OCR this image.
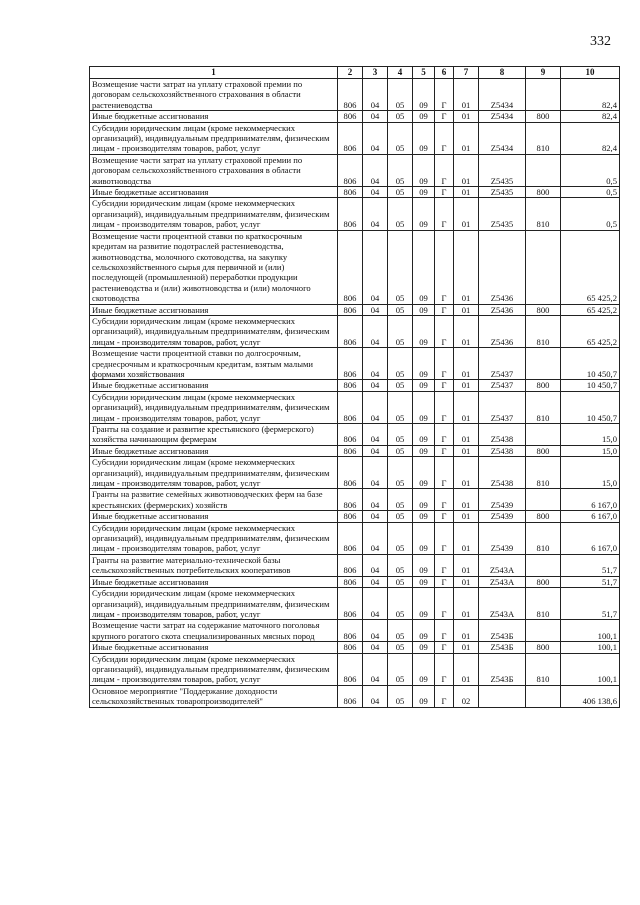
332
1	2	3	4	5	6	7	8	9	10
Возмещение части затрат на уплату страховой премии по договорам сельскохозяйственного страхования в области растениеводства	806	04	05	09	Г	01	Z5434		82,4
Иные бюджетные ассигнования	806	04	05	09	Г	01	Z5434	800	82,4
Субсидии юридическим лицам (кроме некоммерческих организаций), индивидуальным предпринимателям, физическим лицам - производителям товаров, работ, услуг	806	04	05	09	Г	01	Z5434	810	82,4
Возмещение части затрат на уплату страховой премии по договорам сельскохозяйственного страхования в области животноводства	806	04	05	09	Г	01	Z5435		0,5
Иные бюджетные ассигнования	806	04	05	09	Г	01	Z5435	800	0,5
Субсидии юридическим лицам (кроме некоммерческих организаций), индивидуальным предпринимателям, физическим лицам - производителям товаров, работ, услуг	806	04	05	09	Г	01	Z5435	810	0,5
Возмещение части процентной ставки по краткосрочным кредитам на развитие подотраслей растениеводства, животноводства, молочного скотоводства, на закупку сельскохозяйственного сырья для первичной и (или) последующей (промышленной) переработки продукции растениеводства и (или) животноводства и (или) молочного скотоводства	806	04	05	09	Г	01	Z5436		65 425,2
Иные бюджетные ассигнования	806	04	05	09	Г	01	Z5436	800	65 425,2
Субсидии юридическим лицам (кроме некоммерческих организаций), индивидуальным предпринимателям, физическим лицам - производителям товаров, работ, услуг	806	04	05	09	Г	01	Z5436	810	65 425,2
Возмещение части процентной ставки по долгосрочным, среднесрочным и краткосрочным кредитам, взятым малыми формами хозяйствования	806	04	05	09	Г	01	Z5437		10 450,7
Иные бюджетные ассигнования	806	04	05	09	Г	01	Z5437	800	10 450,7
Субсидии юридическим лицам (кроме некоммерческих организаций), индивидуальным предпринимателям, физическим лицам - производителям товаров, работ, услуг	806	04	05	09	Г	01	Z5437	810	10 450,7
Гранты на создание и развитие крестьянского (фермерского) хозяйства начинающим фермерам	806	04	05	09	Г	01	Z5438		15,0
Иные бюджетные ассигнования	806	04	05	09	Г	01	Z5438	800	15,0
Субсидии юридическим лицам (кроме некоммерческих организаций), индивидуальным предпринимателям, физическим лицам - производителям товаров, работ, услуг	806	04	05	09	Г	01	Z5438	810	15,0
Гранты на развитие семейных животноводческих ферм на базе крестьянских (фермерских) хозяйств	806	04	05	09	Г	01	Z5439		6 167,0
Иные бюджетные ассигнования	806	04	05	09	Г	01	Z5439	800	6 167,0
Субсидии юридическим лицам (кроме некоммерческих организаций), индивидуальным предпринимателям, физическим лицам - производителям товаров, работ, услуг	806	04	05	09	Г	01	Z5439	810	6 167,0
Гранты на развитие материально-технической базы сельскохозяйственных потребительских кооперативов	806	04	05	09	Г	01	Z543А		51,7
Иные бюджетные ассигнования	806	04	05	09	Г	01	Z543А	800	51,7
Субсидии юридическим лицам (кроме некоммерческих организаций), индивидуальным предпринимателям, физическим лицам - производителям товаров, работ, услуг	806	04	05	09	Г	01	Z543А	810	51,7
Возмещение части затрат на содержание маточного поголовья крупного рогатого скота специализированных мясных пород	806	04	05	09	Г	01	Z543Б		100,1
Иные бюджетные ассигнования	806	04	05	09	Г	01	Z543Б	800	100,1
Субсидии юридическим лицам (кроме некоммерческих организаций), индивидуальным предпринимателям, физическим лицам - производителям товаров, работ, услуг	806	04	05	09	Г	01	Z543Б	810	100,1
Основное мероприятие "Поддержание доходности сельскохозяйственных товаропроизводителей"	806	04	05	09	Г	02			406 138,6
